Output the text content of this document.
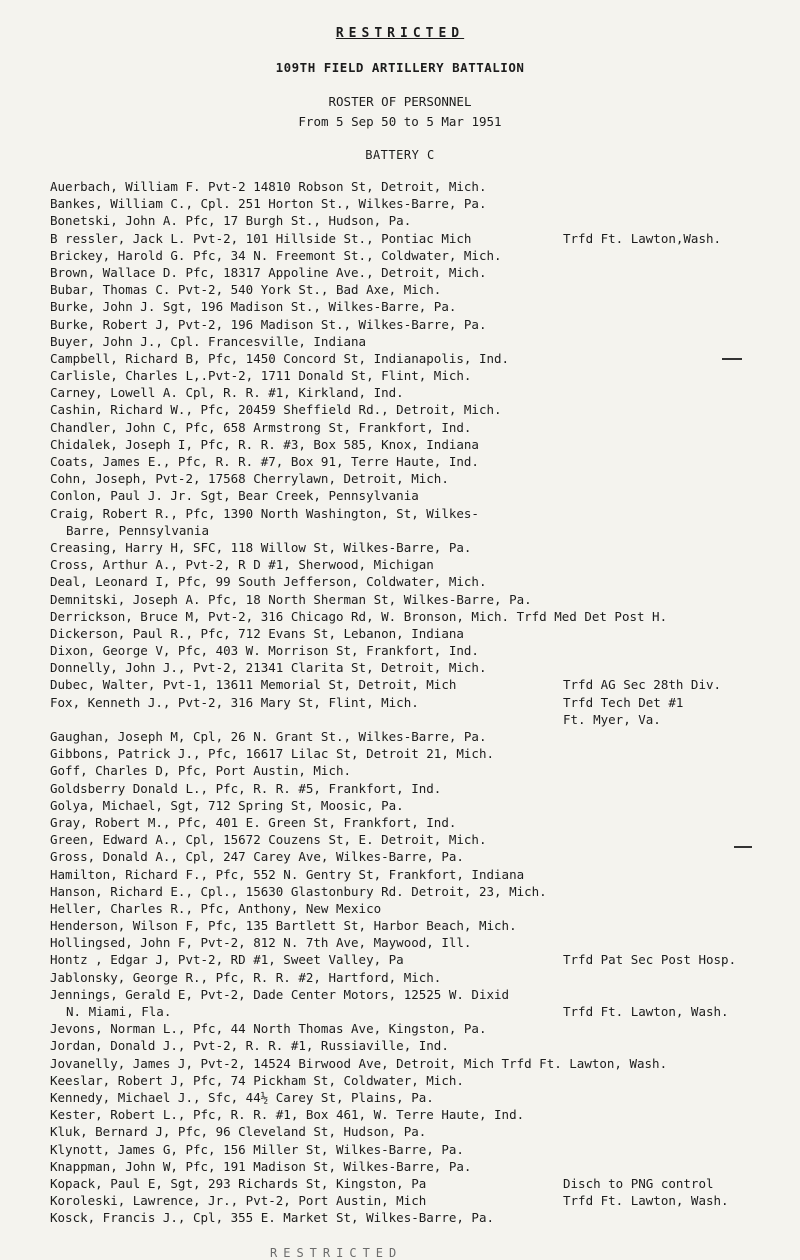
RESTRICTED
109TH FIELD ARTILLERY BATTALION
ROSTER OF PERSONNEL
From 5 Sep 50 to 5 Mar 1951
BATTERY C
Auerbach, William F. Pvt-2 14810 Robson St, Detroit, Mich.
Bankes, William C., Cpl. 251 Horton St., Wilkes-Barre, Pa.
Bonetski, John A. Pfc, 17 Burgh St., Hudson, Pa.
B ressler, Jack L. Pvt-2, 101 Hillside St., Pontiac Mich	Trfd Ft. Lawton,Wash.
Brickey, Harold G. Pfc, 34 N. Freemont St., Coldwater, Mich.
Brown, Wallace D. Pfc, 18317 Appoline Ave., Detroit, Mich.
Bubar, Thomas C. Pvt-2, 540 York St., Bad Axe, Mich.
Burke, John J. Sgt, 196 Madison St., Wilkes-Barre, Pa.
Burke, Robert J, Pvt-2, 196 Madison St., Wilkes-Barre, Pa.
Buyer, John J., Cpl. Francesville, Indiana
Campbell, Richard B, Pfc, 1450 Concord St, Indianapolis, Ind.
Carlisle, Charles L,.Pvt-2, 1711 Donald St, Flint, Mich.
Carney, Lowell A. Cpl, R. R. #1, Kirkland, Ind.
Cashin, Richard W., Pfc, 20459 Sheffield Rd., Detroit, Mich.
Chandler, John C, Pfc, 658 Armstrong St, Frankfort, Ind.
Chidalek, Joseph I, Pfc, R. R. #3, Box 585, Knox, Indiana
Coats, James E., Pfc, R. R. #7, Box 91, Terre Haute, Ind.
Cohn, Joseph, Pvt-2, 17568 Cherrylawn, Detroit, Mich.
Conlon, Paul J. Jr. Sgt, Bear Creek, Pennsylvania
Craig, Robert R., Pfc, 1390 North Washington, St, Wilkes-
Barre, Pennsylvania
Creasing, Harry H, SFC, 118 Willow St, Wilkes-Barre, Pa.
Cross, Arthur A., Pvt-2, R D #1, Sherwood, Michigan
Deal, Leonard I, Pfc, 99 South Jefferson, Coldwater, Mich.
Demnitski, Joseph A. Pfc, 18 North Sherman St, Wilkes-Barre, Pa.
Derrickson, Bruce M, Pvt-2, 316 Chicago Rd, W. Bronson, Mich. Trfd Med Det Post H.
Dickerson, Paul R., Pfc, 712 Evans St, Lebanon, Indiana
Dixon, George V, Pfc, 403 W. Morrison St, Frankfort, Ind.
Donnelly, John J., Pvt-2, 21341 Clarita St, Detroit, Mich.
Dubec, Walter, Pvt-1, 13611 Memorial St, Detroit, Mich	Trfd AG Sec 28th Div.
Fox, Kenneth J., Pvt-2, 316 Mary St, Flint, Mich.	Trfd Tech Det #1
Ft. Myer, Va.
Gaughan, Joseph M, Cpl, 26 N. Grant St., Wilkes-Barre, Pa.
Gibbons, Patrick J., Pfc, 16617 Lilac St, Detroit 21, Mich.
Goff, Charles D, Pfc, Port Austin, Mich.
Goldsberry Donald L., Pfc, R. R. #5, Frankfort, Ind.
Golya, Michael, Sgt, 712 Spring St, Moosic, Pa.
Gray, Robert M., Pfc, 401 E. Green St, Frankfort, Ind.
Green, Edward A., Cpl, 15672 Couzens St, E. Detroit, Mich.
Gross, Donald A., Cpl, 247 Carey Ave, Wilkes-Barre, Pa.
Hamilton, Richard F., Pfc, 552 N. Gentry St, Frankfort, Indiana
Hanson, Richard E., Cpl., 15630 Glastonbury Rd. Detroit, 23, Mich.
Heller, Charles R., Pfc, Anthony, New Mexico
Henderson, Wilson F, Pfc, 135 Bartlett St, Harbor Beach, Mich.
Hollingsed, John F, Pvt-2, 812 N. 7th Ave, Maywood, Ill.
Hontz , Edgar J, Pvt-2, RD #1, Sweet Valley, Pa	Trfd Pat Sec Post Hosp.
Jablonsky, George R., Pfc, R. R. #2, Hartford, Mich.
Jennings, Gerald E, Pvt-2, Dade Center Motors, 12525 W. Dixid
N. Miami, Fla.	Trfd Ft. Lawton, Wash.
Jevons, Norman L., Pfc, 44 North Thomas Ave, Kingston, Pa.
Jordan, Donald J., Pvt-2, R. R. #1, Russiaville, Ind.
Jovanelly, James J, Pvt-2, 14524 Birwood Ave, Detroit, Mich Trfd Ft. Lawton, Wash.
Keeslar, Robert J, Pfc, 74 Pickham St, Coldwater, Mich.
Kennedy, Michael J., Sfc, 44½ Carey St, Plains, Pa.
Kester, Robert L., Pfc, R. R. #1, Box 461, W. Terre Haute, Ind.
Kluk, Bernard J, Pfc, 96 Cleveland St, Hudson, Pa.
Klynott, James G, Pfc, 156 Miller St, Wilkes-Barre, Pa.
Knappman, John W, Pfc, 191 Madison St, Wilkes-Barre, Pa.
Kopack, Paul E, Sgt, 293 Richards St, Kingston, Pa	Disch to PNG control
Koroleski, Lawrence, Jr., Pvt-2, Port Austin, Mich	Trfd Ft. Lawton, Wash.
Kosck, Francis J., Cpl, 355 E. Market St, Wilkes-Barre, Pa.
RESTRICTED
